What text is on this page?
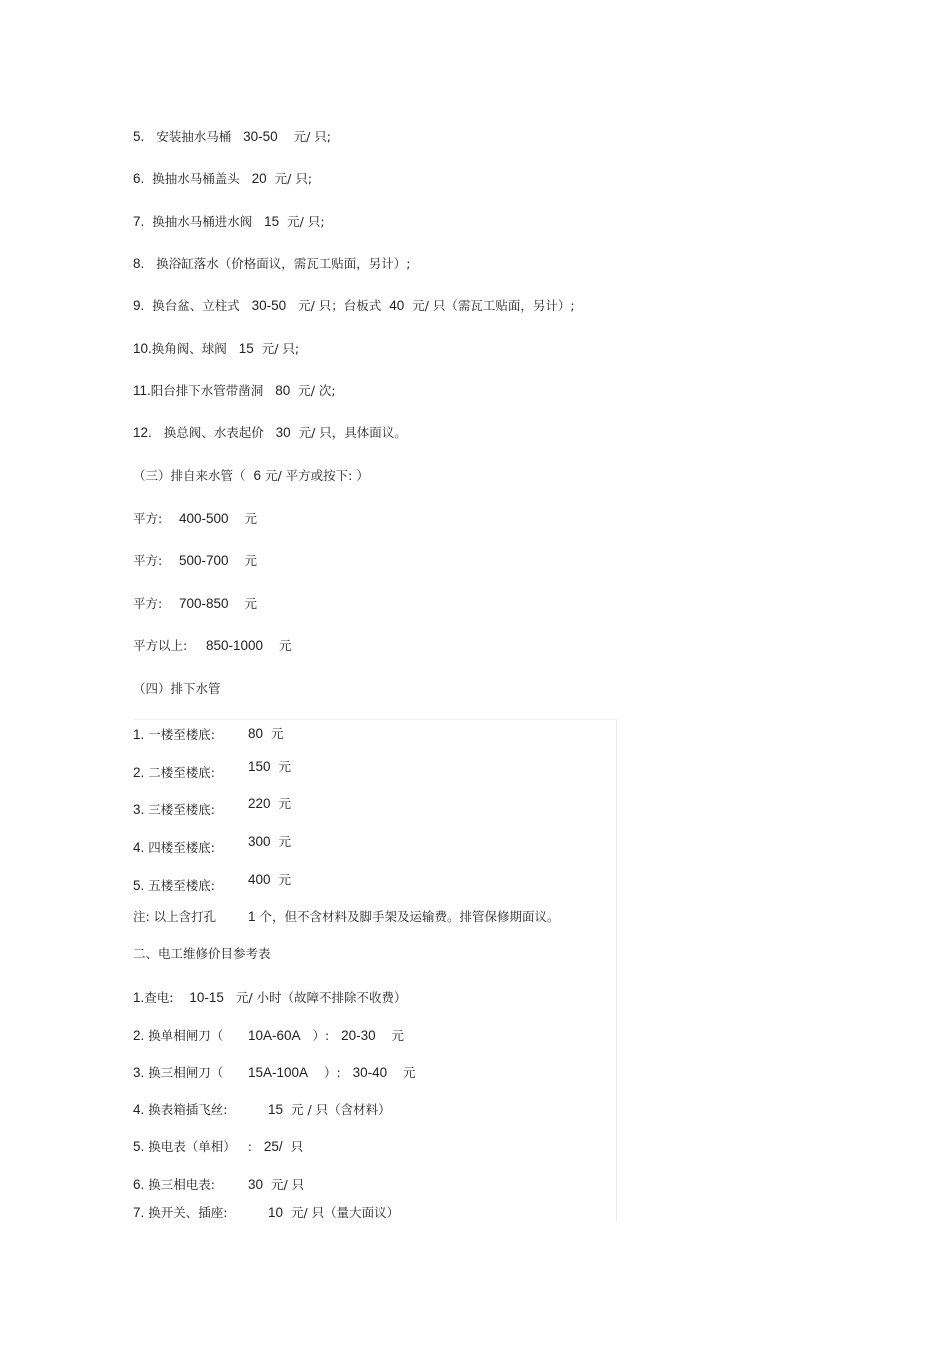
5. 安装抽水马桶 30-50 元/ 只;
6. 换抽水马桶盖头 20 元/ 只;
7. 换抽水马桶进水阀 15 元/ 只;
8. 换浴缸落水（价格面议，需瓦工贴面，另计）;
9. 换台盆、立柱式 30-50 元/ 只；台板式 40 元/ 只（需瓦工贴面，另计）;
10.换角阀、球阀 15 元/ 只;
11.阳台排下水管带凿洞 80 元/ 次;
12. 换总阀、水表起价 30 元/ 只，具体面议。
（三）排自来水管（ 6 元/ 平方或按下: ）
平方: 400-500 元
平方: 500-700 元
平方: 700-850 元
平方以上: 850-1000 元
（四）排下水管
1. 一楼至楼底: 80 元
2. 二楼至楼底: 150 元
3. 三楼至楼底: 220 元
4. 四楼至楼底: 300 元
5. 五楼至楼底: 400 元
注: 以上含打孔 1 个，但不含材料及脚手架及运输费。排管保修期面议。
二、电工维修价目参考表
1.查电: 10-15 元/ 小时（故障不排除不收费）
2. 换单相闸刀（ 10A-60A ）: 20-30 元
3. 换三相闸刀（ 15A-100A ）: 30-40 元
4. 换表箱插飞丝:	15 元 / 只（含材料）
5. 换电表（单相） : 25/ 只
6. 换三相电表: 30 元/ 只
7. 换开关、插座:	10 元/ 只（量大面议）
